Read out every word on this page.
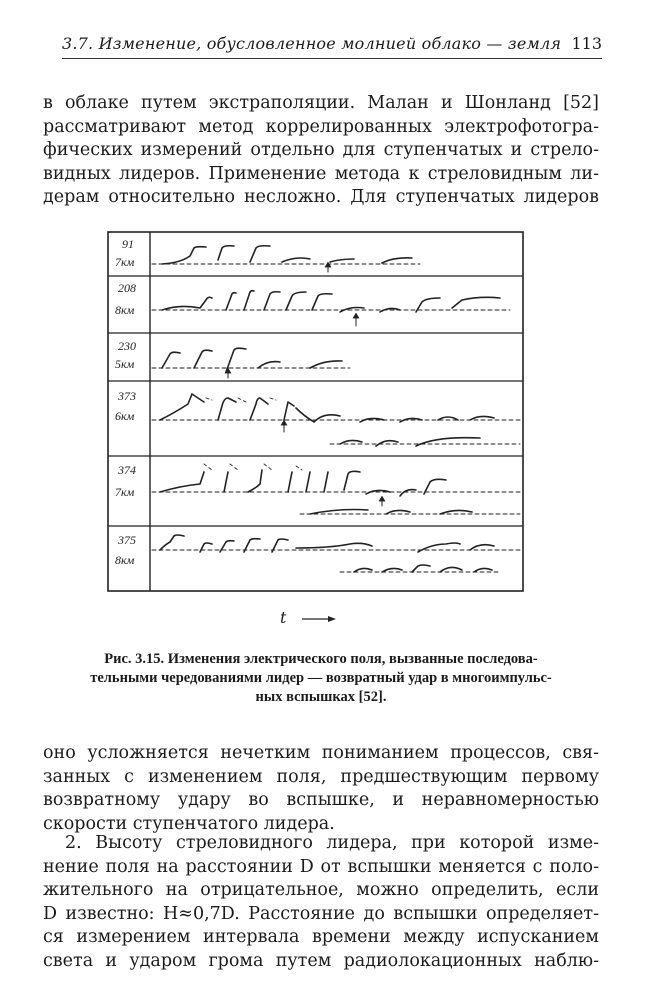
3.7. Изменение, обусловленное молнией облако — земля 113
в облаке путем экстраполяции. Малан и Шонланд [52]
рассматривают метод коррелированных электрофотогра-
фических измерений отдельно для ступенчатых и стрело-
видных лидеров. Применение метода к стреловидным ли-
дерам относительно несложно. Для ступенчатых лидеров
91
7км
208
8км
230
5км
373
6км
374
7км
375
8км
t
Рис. 3.15. Изменения электрического поля, вызванные последова-
тельными чередованиями лидер — возвратный удар в многоимпульс-
ных вспышках [52].
оно усложняется нечетким пониманием процессов, свя-
занных с изменением поля, предшествующим первому
возвратному удару во вспышке, и неравномерностью
скорости ступенчатого лидера.
2. Высоту стреловидного лидера, при которой изме-
нение поля на расстоянии D от вспышки меняется с поло-
жительного на отрицательное, можно определить, если
D известно: H≈0,7D. Расстояние до вспышки определяет-
ся измерением интервала времени между испусканием
света и ударом грома путем радиолокационных наблю-
